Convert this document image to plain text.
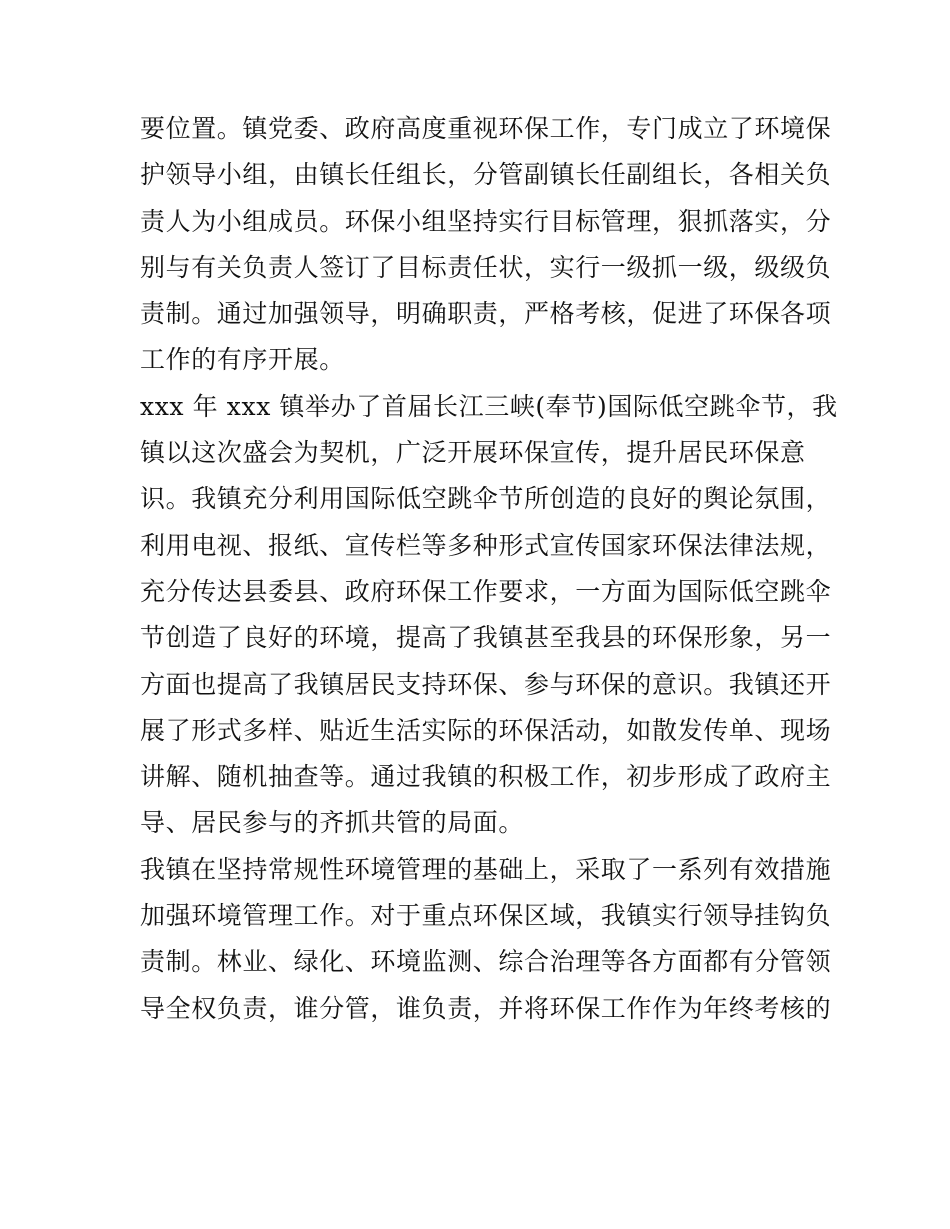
要位置。镇党委、政府高度重视环保工作，专门成立了环境保
护领导小组，由镇长任组长，分管副镇长任副组长，各相关负
责人为小组成员。环保小组坚持实行目标管理，狠抓落实，分
别与有关负责人签订了目标责任状，实行一级抓一级，级级负
责制。通过加强领导，明确职责，严格考核，促进了环保各项
工作的有序开展。
xxx 年 xxx 镇举办了首届长江三峡(奉节)国际低空跳伞节，我
镇以这次盛会为契机，广泛开展环保宣传，提升居民环保意
识。我镇充分利用国际低空跳伞节所创造的良好的舆论氛围，
利用电视、报纸、宣传栏等多种形式宣传国家环保法律法规，
充分传达县委县、政府环保工作要求，一方面为国际低空跳伞
节创造了良好的环境，提高了我镇甚至我县的环保形象，另一
方面也提高了我镇居民支持环保、参与环保的意识。我镇还开
展了形式多样、贴近生活实际的环保活动，如散发传单、现场
讲解、随机抽查等。通过我镇的积极工作，初步形成了政府主
导、居民参与的齐抓共管的局面。
我镇在坚持常规性环境管理的基础上，采取了一系列有效措施
加强环境管理工作。对于重点环保区域，我镇实行领导挂钩负
责制。林业、绿化、环境监测、综合治理等各方面都有分管领
导全权负责，谁分管，谁负责，并将环保工作作为年终考核的
